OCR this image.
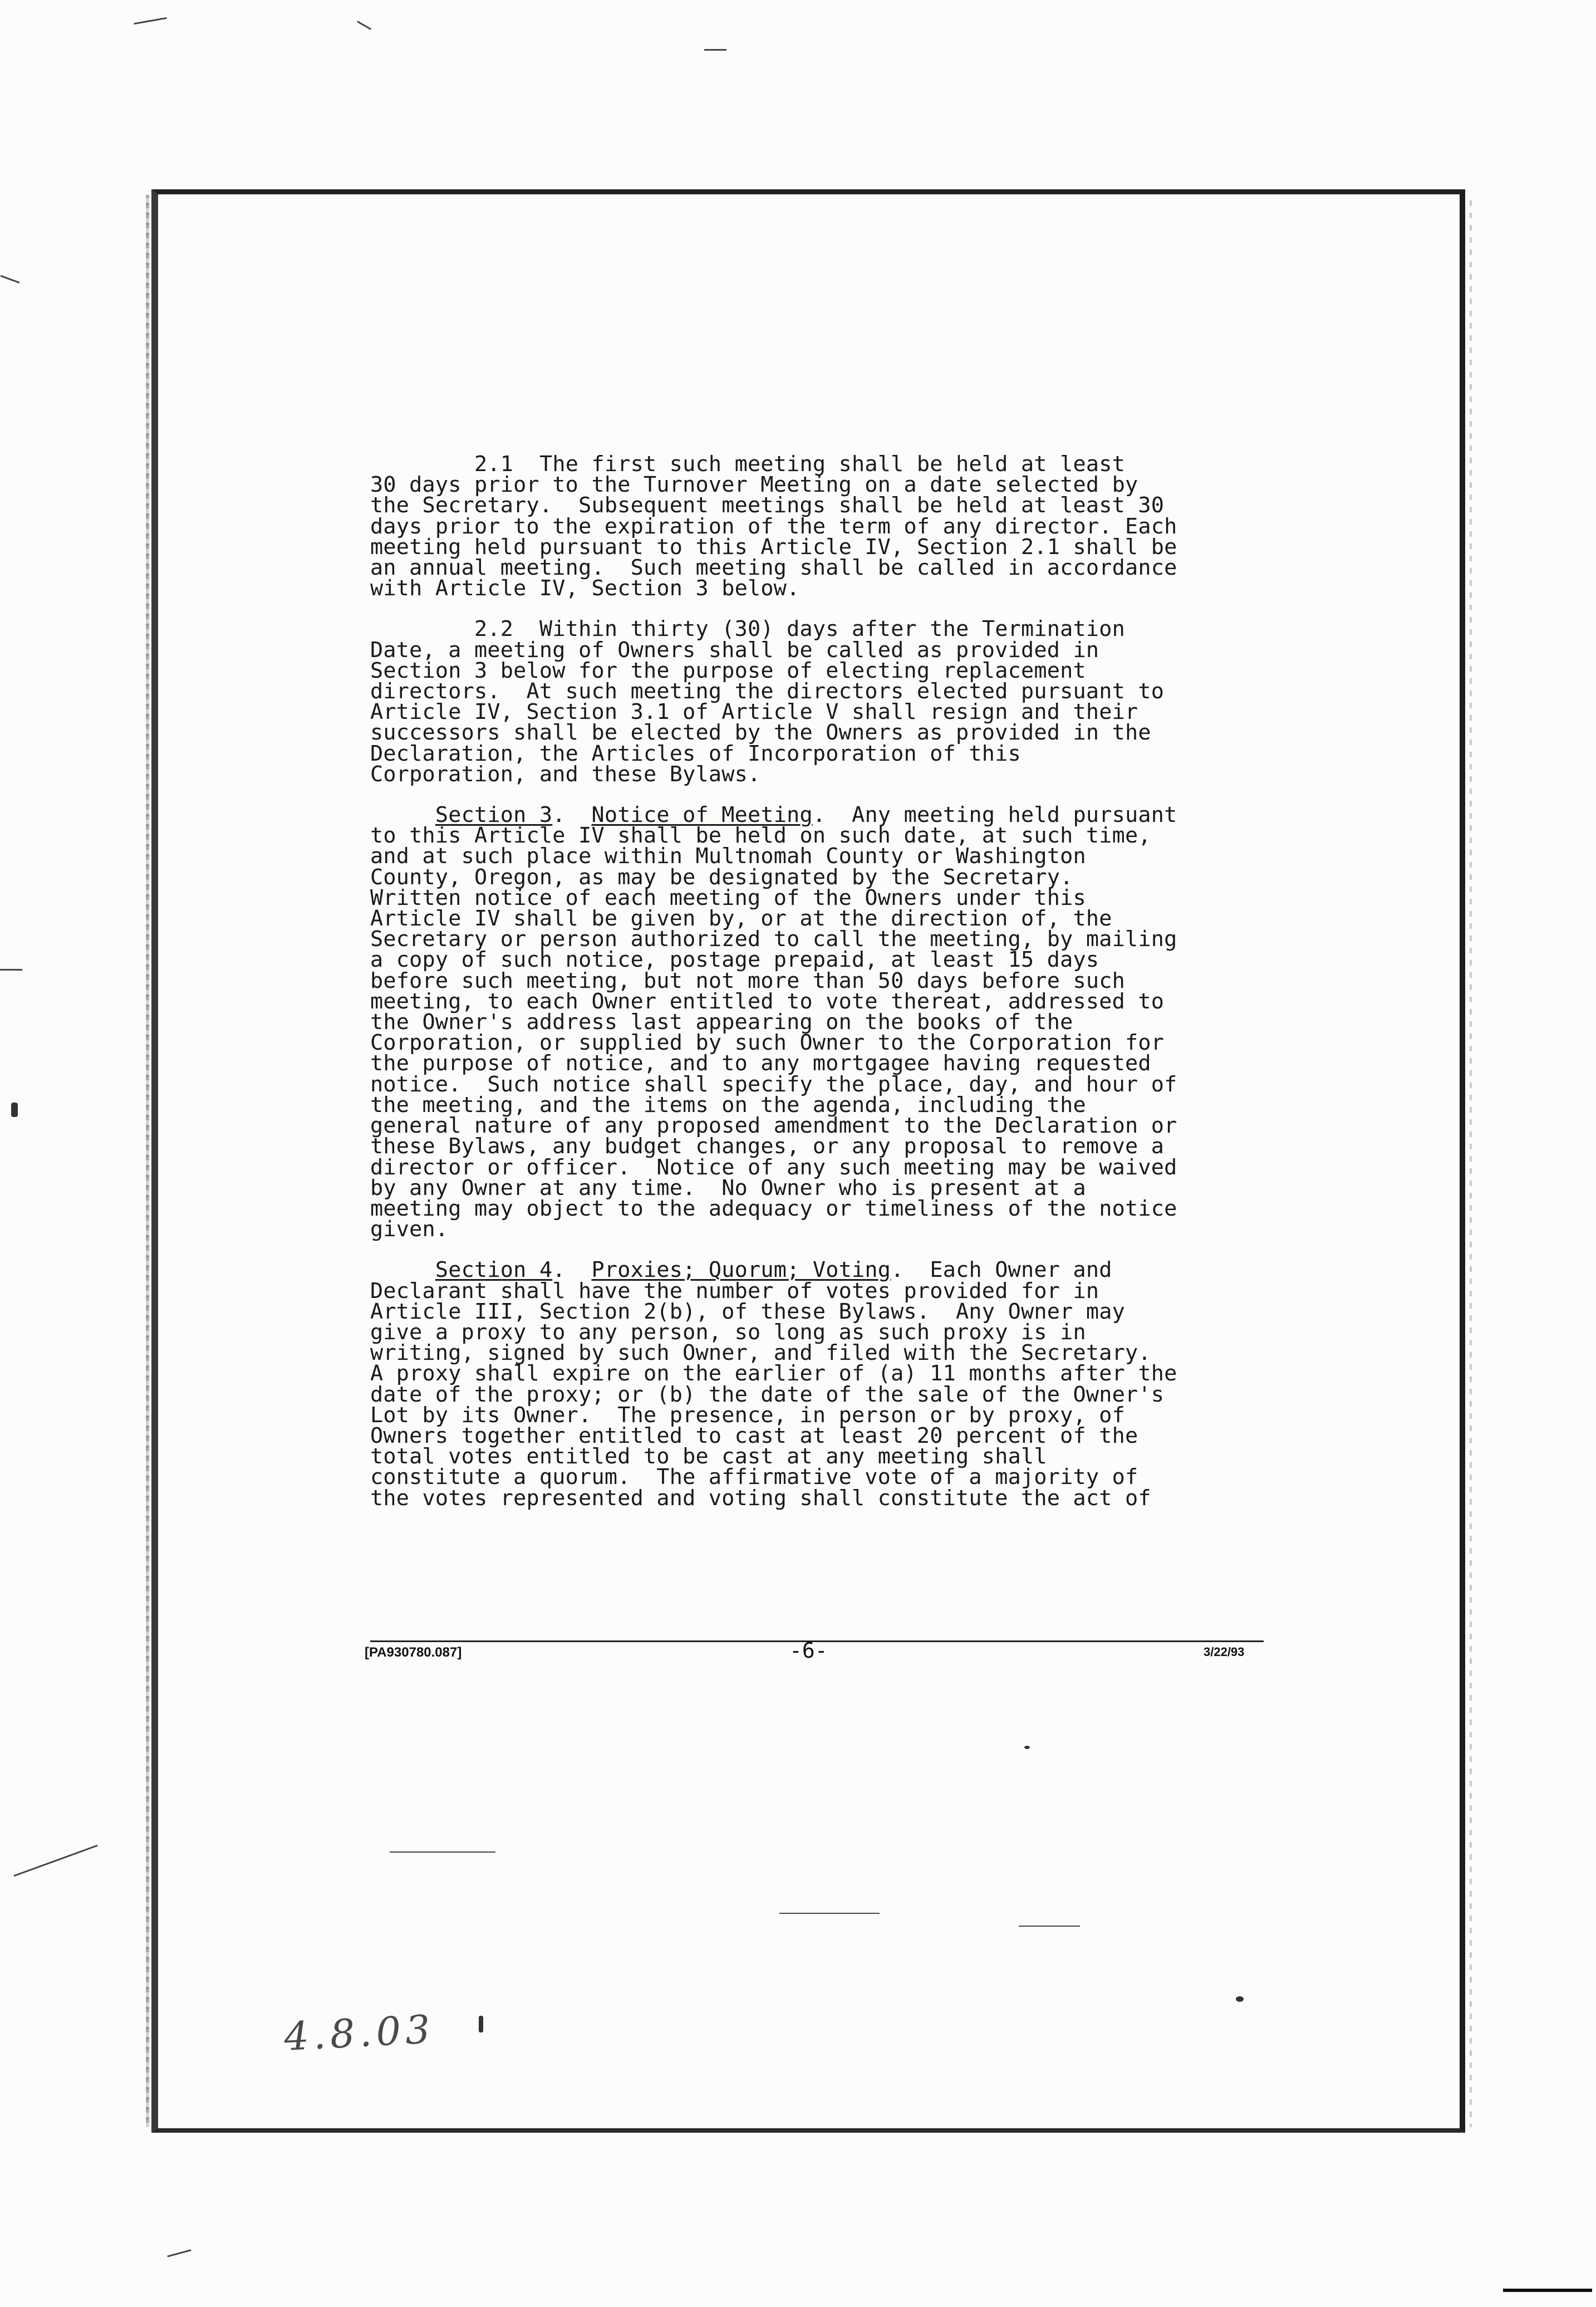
2.1  The first such meeting shall be held at least
30 days prior to the Turnover Meeting on a date selected by
the Secretary.  Subsequent meetings shall be held at least 30
days prior to the expiration of the term of any director. Each
meeting held pursuant to this Article IV, Section 2.1 shall be
an annual meeting.  Such meeting shall be called in accordance
with Article IV, Section 3 below.

2.2  Within thirty (30) days after the Termination
Date, a meeting of Owners shall be called as provided in
Section 3 below for the purpose of electing replacement
directors.  At such meeting the directors elected pursuant to
Article IV, Section 3.1 of Article V shall resign and their
successors shall be elected by the Owners as provided in the
Declaration, the Articles of Incorporation of this
Corporation, and these Bylaws.

Section 3.  Notice of Meeting.  Any meeting held pursuant
to this Article IV shall be held on such date, at such time,
and at such place within Multnomah County or Washington
County, Oregon, as may be designated by the Secretary.
Written notice of each meeting of the Owners under this
Article IV shall be given by, or at the direction of, the
Secretary or person authorized to call the meeting, by mailing
a copy of such notice, postage prepaid, at least 15 days
before such meeting, but not more than 50 days before such
meeting, to each Owner entitled to vote thereat, addressed to
the Owner's address last appearing on the books of the
Corporation, or supplied by such Owner to the Corporation for
the purpose of notice, and to any mortgagee having requested
notice.  Such notice shall specify the place, day, and hour of
the meeting, and the items on the agenda, including the
general nature of any proposed amendment to the Declaration or
these Bylaws, any budget changes, or any proposal to remove a
director or officer.  Notice of any such meeting may be waived
by any Owner at any time.  No Owner who is present at a
meeting may object to the adequacy or timeliness of the notice
given.

Section 4.  Proxies; Quorum; Voting.  Each Owner and
Declarant shall have the number of votes provided for in
Article III, Section 2(b), of these Bylaws.  Any Owner may
give a proxy to any person, so long as such proxy is in
writing, signed by such Owner, and filed with the Secretary.
A proxy shall expire on the earlier of (a) 11 months after the
date of the proxy; or (b) the date of the sale of the Owner's
Lot by its Owner.  The presence, in person or by proxy, of
Owners together entitled to cast at least 20 percent of the
total votes entitled to be cast at any meeting shall
constitute a quorum.  The affirmative vote of a majority of
the votes represented and voting shall constitute the act of

[PA930780.087]	-6-	3/22/93
4.8.03
